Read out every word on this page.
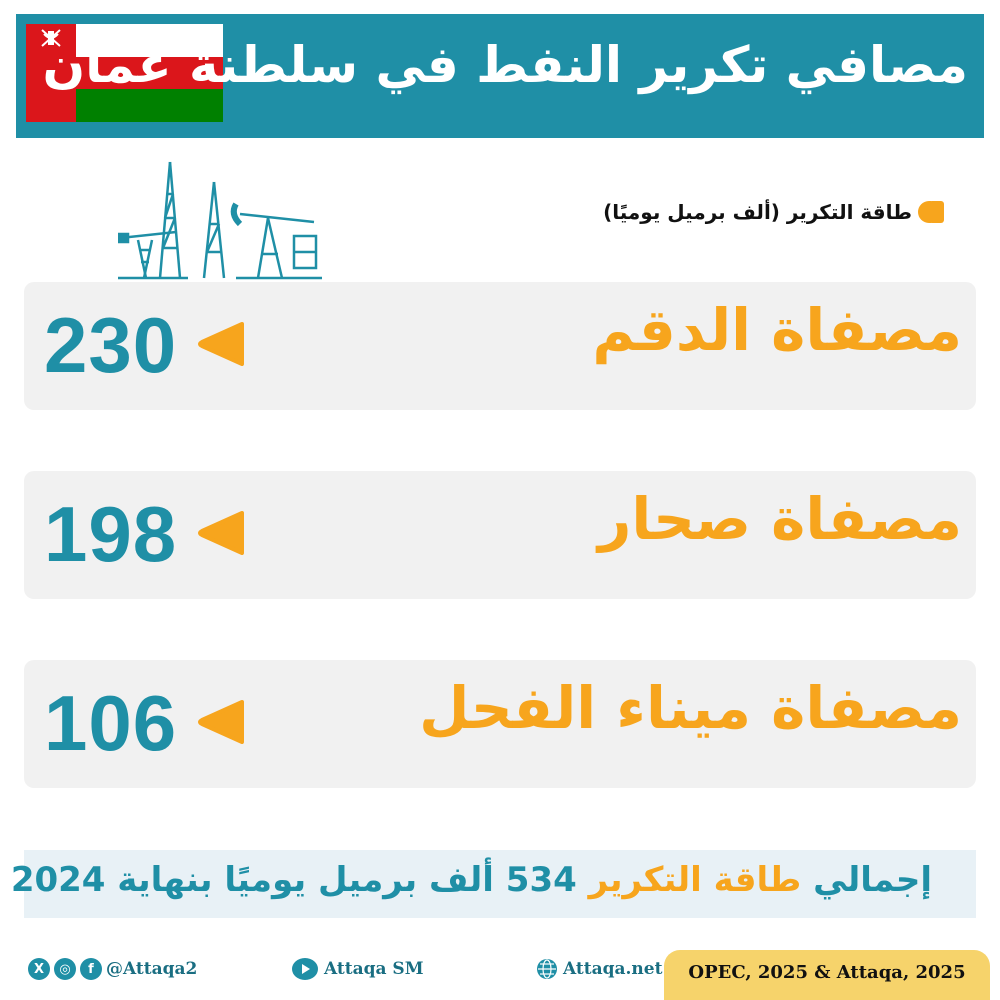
مصافي تكرير النفط في سلطنة عمان
طاقة التكرير (ألف برميل يوميًا)
مصفاة الدقم
230
مصفاة صحار
198
مصفاة ميناء الفحل
106
إجمالي طاقة التكرير 534 ألف برميل يوميًا بنهاية 2024
X	◎	f @Attaqa2	Attaqa SM	Attaqa.net	OPEC, 2025 & Attaqa, 2025
